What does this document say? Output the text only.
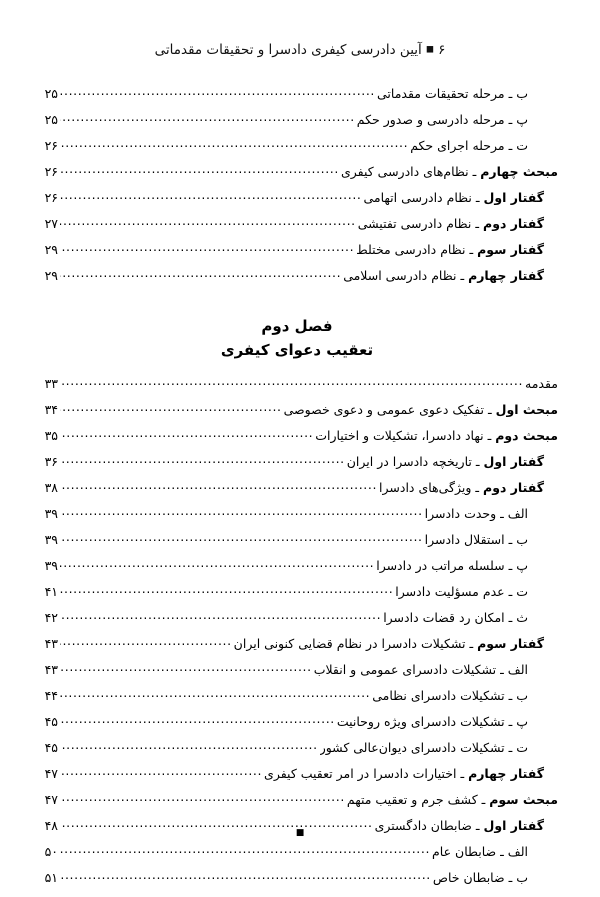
۶◼آیین دادرسی کیفری دادسرا و تحقیقات مقدماتی
ب ـ مرحله تحقیقات مقدماتی
.....
۲۵
پ ـ مرحله دادرسی و صدور حکم
.....
۲۵
ت ـ مرحله اجرای حکم
.....
۲۶
مبحث چهارم ـ نظام‌های دادرسی کیفری
.....
۲۶
گفتار اول ـ نظام دادرسی اتهامی
.....
۲۶
گفتار دوم ـ نظام دادرسی تفتیشی
.....
۲۷
گفتار سوم ـ نظام دادرسی مختلط
.....
۲۹
گفتار چهارم ـ نظام دادرسی اسلامی
.....
۲۹
فصل دوم
تعقیب دعوای کیفری
مقدمه
.....
۳۳
مبحث اول ـ تفکیک دعوی عمومی و دعوی خصوصی
.....
۳۴
مبحث دوم ـ نهاد دادسرا، تشکیلات و اختیارات
.....
۳۵
گفتار اول ـ تاریخچه دادسرا در ایران
.....
۳۶
گفتار دوم ـ ویژگی‌های دادسرا
.....
۳۸
الف ـ وحدت دادسرا
.....
۳۹
ب ـ استقلال دادسرا
.....
۳۹
پ ـ سلسله مراتب در دادسرا
.....
۳۹
ت ـ عدم مسؤلیت دادسرا
.....
۴۱
ث ـ امکان رد قضات دادسرا
.....
۴۲
گفتار سوم ـ تشکیلات دادسرا در نظام قضایی کنونی ایران
.....
۴۳
الف ـ تشکیلات دادسرای عمومی و انقلاب
.....
۴۳
ب ـ تشکیلات دادسرای نظامی
.....
۴۴
پ ـ تشکیلات دادسرای ویژه روحانیت
.....
۴۵
ت ـ تشکیلات دادسرای دیوان‌عالی کشور
.....
۴۵
گفتار چهارم ـ اختیارات دادسرا در امر تعقیب کیفری
.....
۴۷
مبحث سوم ـ کشف جرم و تعقیب متهم
.....
۴۷
گفتار اول ـ ضابطان دادگستری
.....
۴۸
الف ـ ضابطان عام
.....
۵۰
ب ـ ضابطان خاص
.....
۵۱
■
